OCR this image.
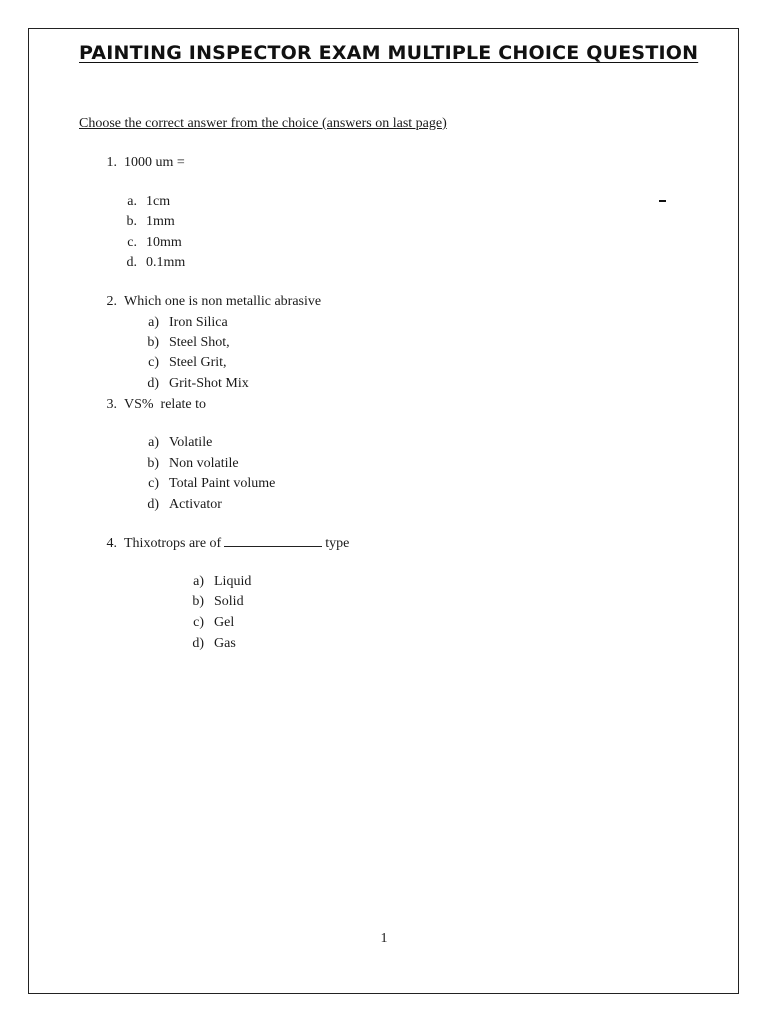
PAINTING INSPECTOR EXAM MULTIPLE CHOICE QUESTION
Choose the correct answer from the choice (answers on last page)
1. 1000 um =
a. 1cm
b. 1mm
c. 10mm
d. 0.1mm
2. Which one is non metallic abrasive
a) Iron Silica
b) Steel Shot,
c) Steel Grit,
d) Grit-Shot Mix
3. VS%  relate to
a) Volatile
b) Non volatile
c) Total Paint volume
d) Activator
4. Thixotrops are of	type
a) Liquid
b) Solid
c) Gel
d) Gas
1
